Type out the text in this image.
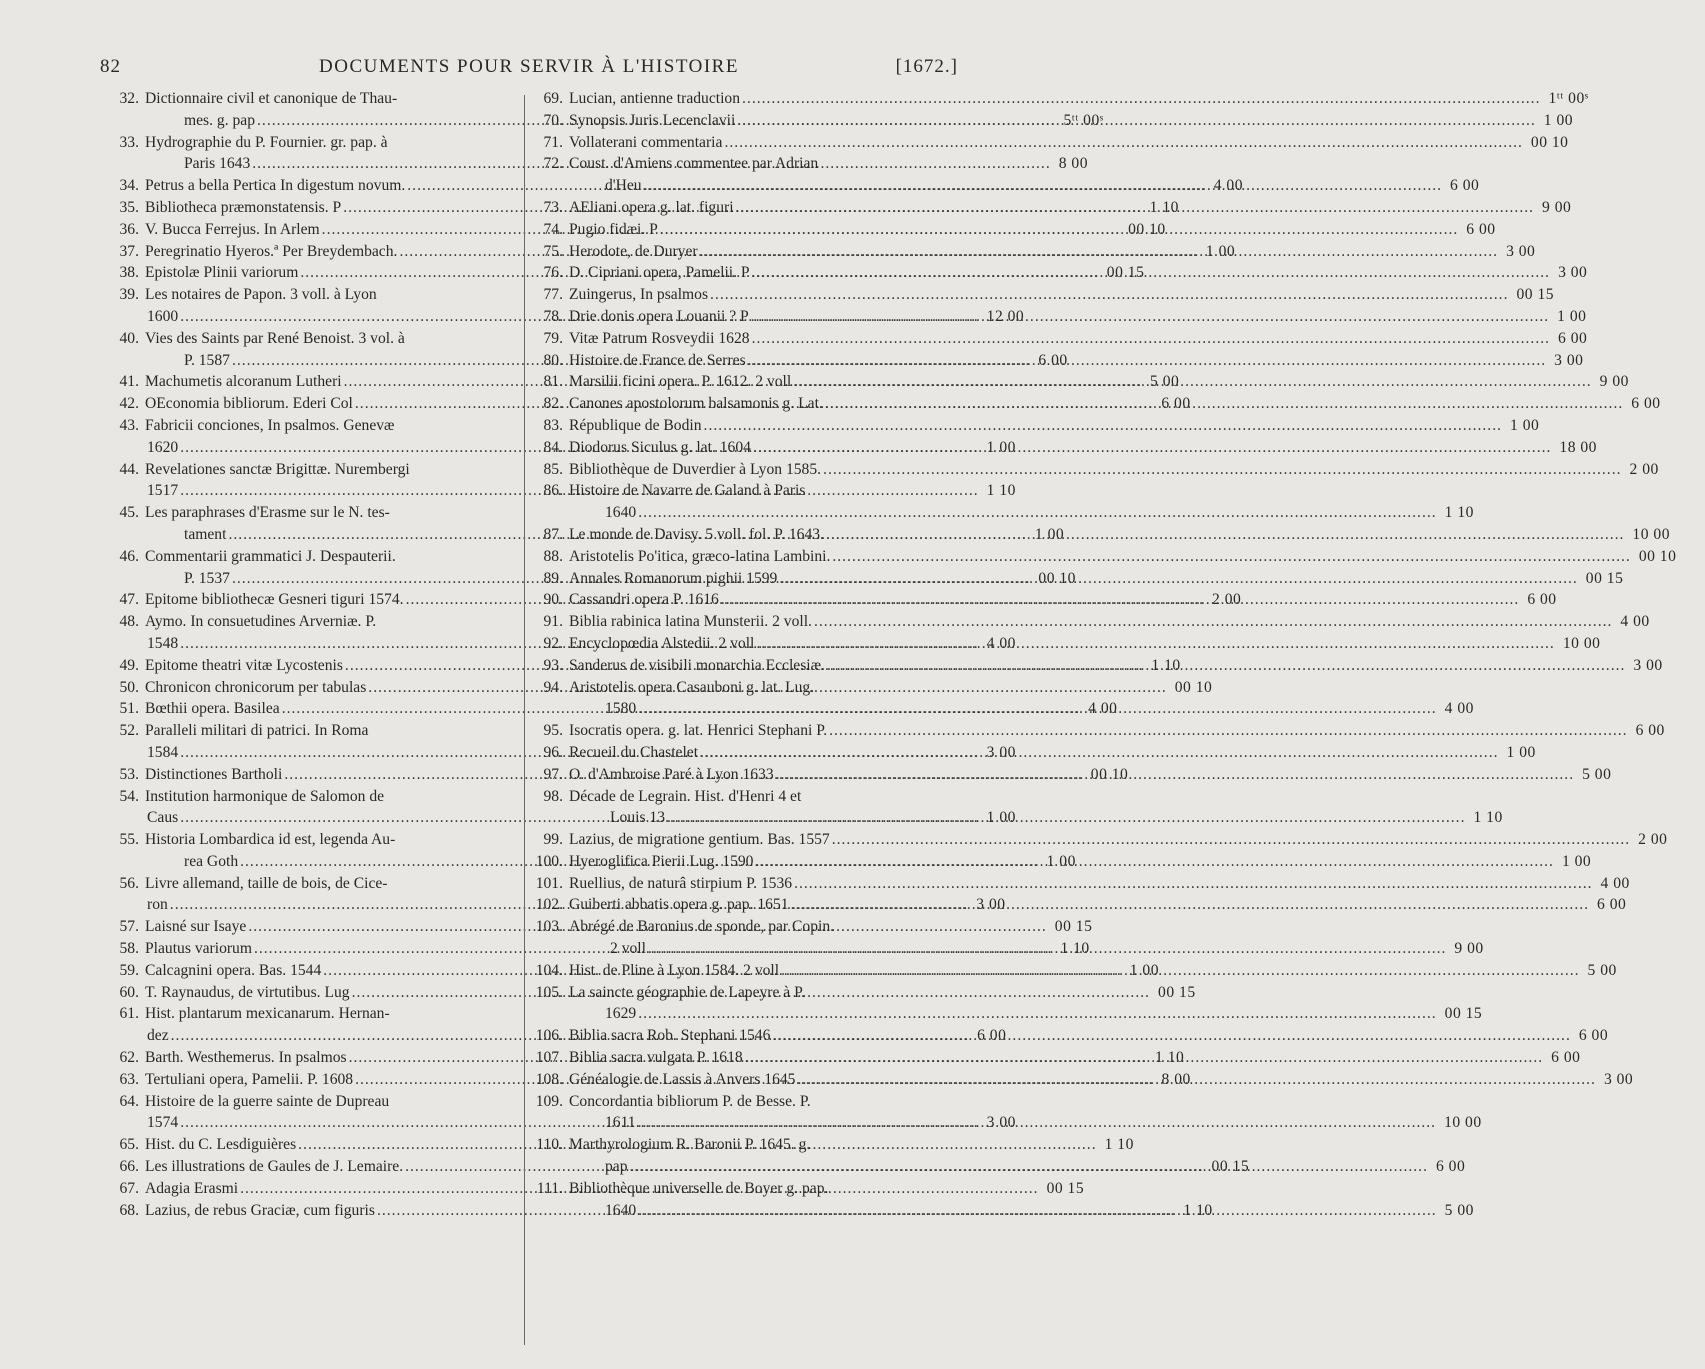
82	DOCUMENTS POUR SERVIR À L'HISTOIRE	[1672.]
32. Dictionnaire civil et canonique de Thau-
mes. g. pap .....	5ᵗᵗ 00ˢ
33. Hydrographie du P. Fournier. gr. pap. à
Paris 1643 .....	8 00
34. Petrus a bella Pertica In digestum novum. .....	4 00
35. Bibliotheca præmonstatensis. P .....	1 10
36. V. Bucca Ferrejus. In Arlem .....	00 10
37. Peregrinatio Hyeros.ª Per Breydembach. .....	1 00
38. Epistolæ Plinii variorum .....	00 15
39. Les notaires de Papon. 3 voll. à Lyon
1600 .....	12 00
40. Vies des Saints par René Benoist. 3 vol. à
P. 1587 .....	6 00
41. Machumetis alcoranum Lutheri .....	5 00
42. OEconomia bibliorum. Ederi Col .....	6 00
43. Fabricii conciones, In psalmos. Genevæ
1620 .....	1 00
44. Revelationes sanctæ Brigittæ. Nurembergi
1517 .....	1 10
45. Les paraphrases d'Erasme sur le N. tes-
tament .....	1 00
46. Commentarii grammatici J. Despauterii.
P. 1537 .....	00 10
47. Epitome bibliothecæ Gesneri tiguri 1574. .....	2 00
48. Aymo. In consuetudines Arverniæ. P.
1548 .....	4 00
49. Epitome theatri vitæ Lycostenis .....	1 10
50. Chronicon chronicorum per tabulas .....	00 10
51. Bœthii opera. Basilea .....	4 00
52. Paralleli militari di patrici. In Roma
1584 .....	3 00
53. Distinctiones Bartholi .....	00 10
54. Institution harmonique de Salomon de
Caus .....	1 00
55. Historia Lombardica id est, legenda Au-
rea Goth .....	1 00
56. Livre allemand, taille de bois, de Cice-
ron .....	3 00
57. Laisné sur Isaye .....	00 15
58. Plautus variorum .....	1 10
59. Calcagnini opera. Bas. 1544 .....	1 00
60. T. Raynaudus, de virtutibus. Lug .....	00 15
61. Hist. plantarum mexicanarum. Hernan-
dez .....	6 00
62. Barth. Westhemerus. In psalmos .....	1 10
63. Tertuliani opera, Pamelii. P. 1608 .....	8 00
64. Histoire de la guerre sainte de Dupreau
1574 .....	3 00
65. Hist. du C. Lesdiguières .....	1 10
66. Les illustrations de Gaules de J. Lemaire. .....	00 15
67. Adagia Erasmi .....	00 15
68. Lazius, de rebus Graciæ, cum figuris .....	1 10
69. Lucian, antienne traduction .....	1ᵗᵗ 00ˢ
70. Synopsis Juris Lecenclavii .....	1 00
71. Vollaterani commentaria .....	00 10
72. Coust. d'Amiens commentee par Adrian
d'Heu .....	6 00
73. AEliani opera g. lat. figuri .....	9 00
74. Pugio fidæi. P .....	6 00
75. Herodote, de Duryer .....	3 00
76. D. Cipriani opera, Pamelii. P .....	3 00
77. Zuingerus, In psalmos .....	00 15
78. Drie donis opera Louanii ? P .....	1 00
79. Vitæ Patrum Rosveydii 1628 .....	6 00
80. Histoire de France de Serres .....	3 00
81. Marsilii ficini opera. P. 1612. 2 voll .....	9 00
82. Canones apostolorum balsamonis g. Lat. .....	6 00
83. République de Bodin .....	1 00
84. Diodorus Siculus g. lat. 1604 .....	18 00
85. Bibliothèque de Duverdier à Lyon 1585. .....	2 00
86. Histoire de Navarre de Galand à Paris
1640 .....	1 10
87. Le monde de Davisy. 5 voll. fol. P. 1643. .....	10 00
88. Aristotelis Po'itica, græco-latina Lambini. .....	00 10
89. Annales Romanorum pighii 1599 .....	00 15
90. Cassandri opera P. 1616 .....	6 00
91. Biblia rabinica latina Munsterii. 2 voll. .....	4 00
92. Encyclopœdia Alstedii. 2 voll .....	10 00
93. Sanderus de visibili monarchia Ecclesiæ. .....	3 00
94. Aristotelis opera Casauboni g. lat. Lug.
1580 .....	4 00
95. Isocratis opera. g. lat. Henrici Stephani P. .....	6 00
96. Recueil du Chastelet .....	1 00
97. O. d'Ambroise Paré à Lyon 1633 .....	5 00
98. Décade de Legrain. Hist. d'Henri 4 et
Louis 13 .....	1 10
99. Lazius, de migratione gentium. Bas. 1557 .....	2 00
100. Hyeroglifica Pierii Lug. 1590 .....	1 00
101. Ruellius, de naturâ stirpium P. 1536 .....	4 00
102. Guiberti abbatis opera g. pap. 1651 .....	6 00
103. Abrégé de Baronius de sponde, par Copin.
2 voll .....	9 00
104. Hist. de Pline à Lyon 1584. 2 voll .....	5 00
105. La saincte géographie de Lapeyre à P.
1629 .....	00 15
106. Biblia sacra Rob. Stephani 1546 .....	6 00
107. Biblia sacra vulgata P. 1618 .....	6 00
108. Généalogie de Lassis à Anvers 1645 .....	3 00
109. Concordantia bibliorum P. de Besse. P.
1611 .....	10 00
110. Marthyrologium R. Baronii P. 1645. g.
pap .....	6 00
111. Bibliothèque universelle de Boyer g. pap.
1640 .....	5 00
